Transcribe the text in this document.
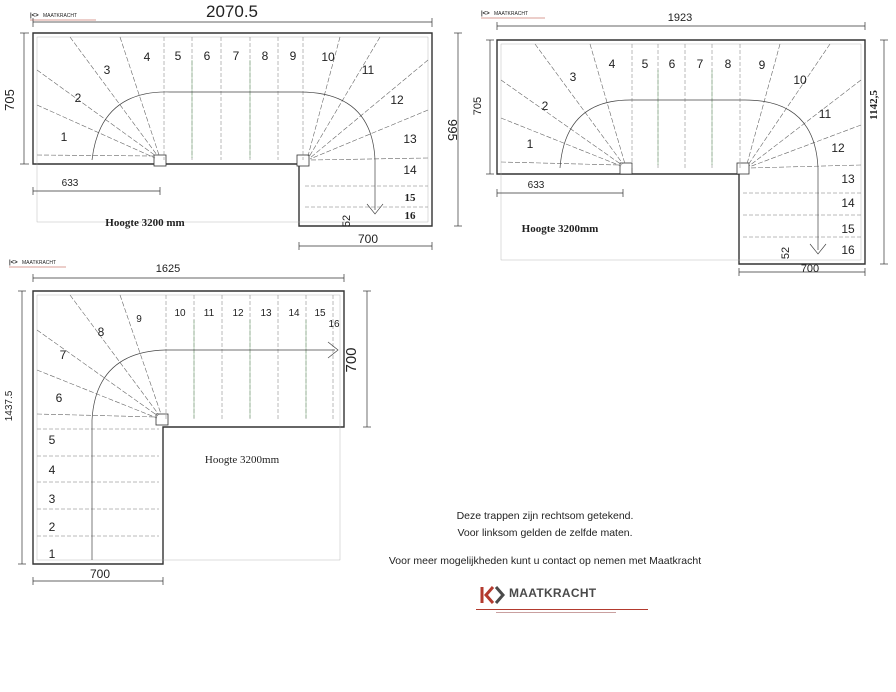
|<> MAATKRACHT	2070.5
705
995
633
1
2
3
4 5 6 7 8 9 10
11
12
13
14
15
16
52
700
Hoogte 3200 mm
|<> MAATKRACHT	1923
705	1142,5
633
1
2
3
4 5 6 7 8 9
10
11
12
13
14
15
16
52
700
Hoogte 3200mm
|<> MAATKRACHT	1625
1437.5
700
1
2
3
4
5
6
7
8
9
10 11 12 13 14 15
16
700
Hoogte 3200mm
Deze trappen zijn rechtsom getekend.
Voor linksom gelden de zelfde maten.
Voor meer mogelijkheden kunt u contact op nemen met Maatkracht
MAATKRACHT
